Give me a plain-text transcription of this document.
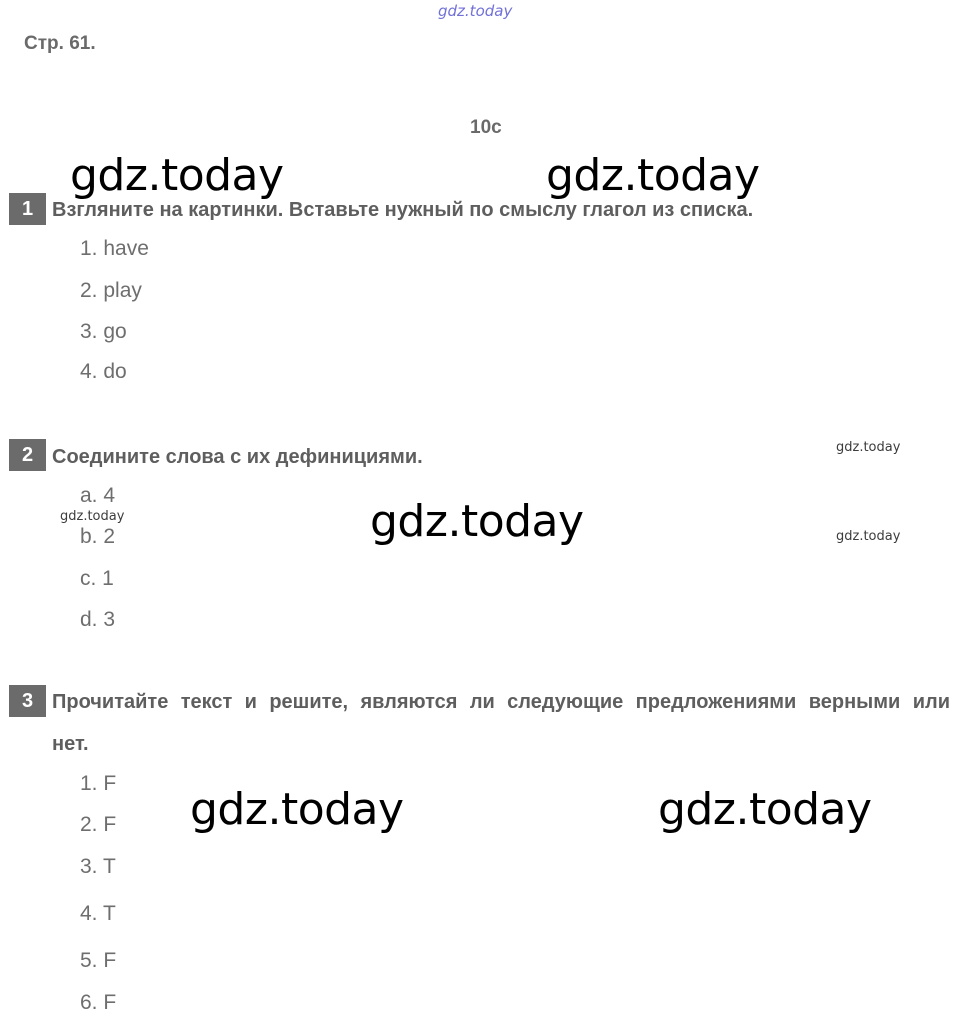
gdz.today
Стр. 61.
10c
gdz.today	gdz.today
1 Взгляните на картинки. Вставьте нужный по смыслу глагол из списка.
1. have
2. play
3. go
4. do
2 Соедините слова с их дефинициями.	gdz.today
a. 4
gdz.today	gdz.today
b. 2	gdz.today
c. 1
d. 3
3 Прочитайте текст и решите, являются ли следующие предложениями верными или нет.
1. F
gdz.today	gdz.today
2. F
3. T
4. T
5. F
6. F
